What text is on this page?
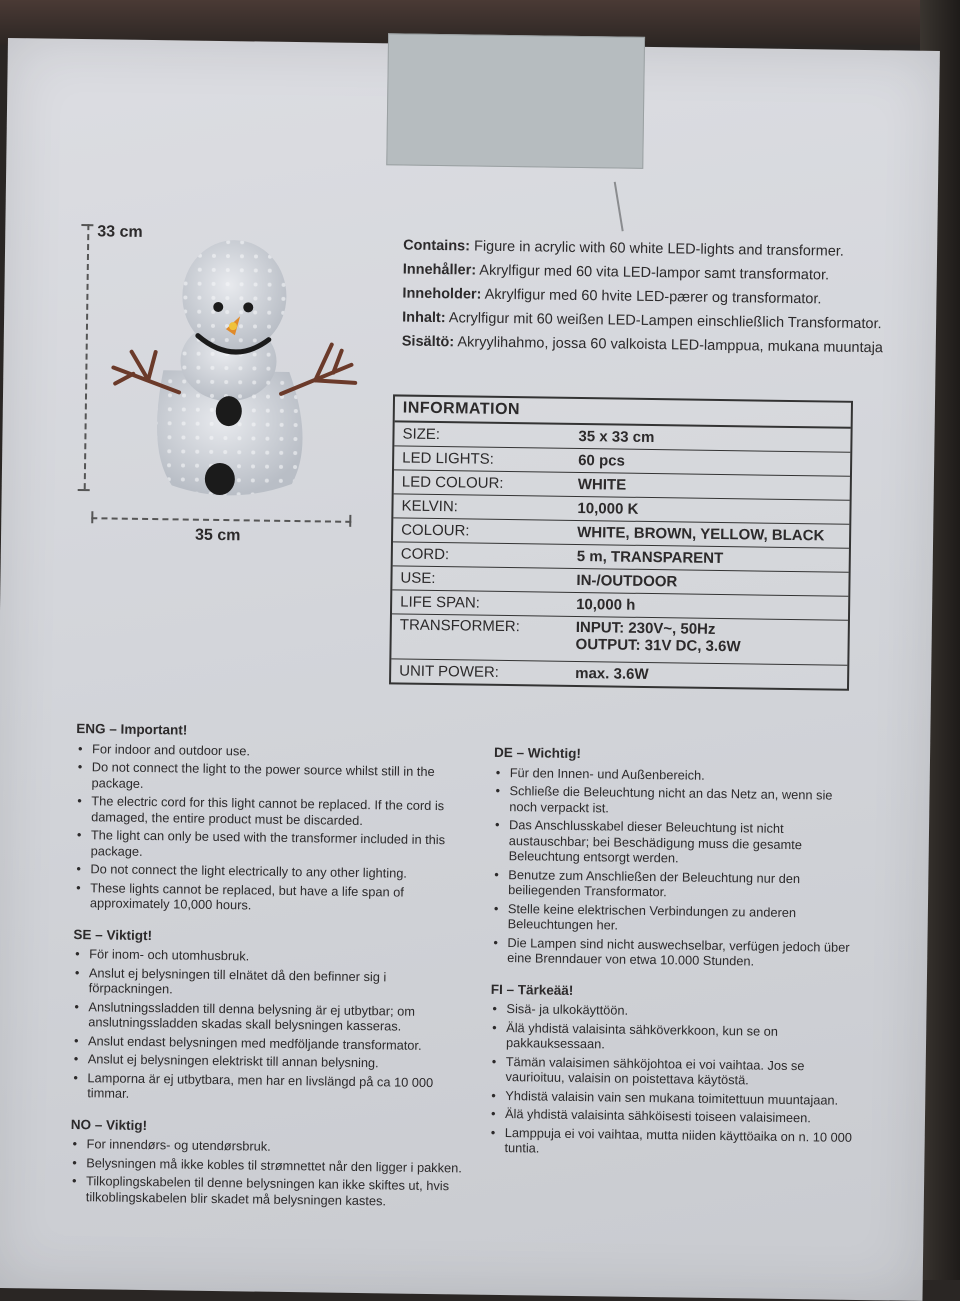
33 cm
35 cm
Contains: Figure in acrylic with 60 white LED-lights and transformer.
Innehåller: Akrylfigur med 60 vita LED-lampor samt transformator.
Inneholder: Akrylfigur med 60 hvite LED-pærer og transformator.
Inhalt: Acrylfigur mit 60 weißen LED-Lampen einschließlich Transformator.
Sisältö: Akryylihahmo, jossa 60 valkoista LED-lamppua, mukana muuntaja
INFORMATION
SIZE:	35 x 33 cm
LED LIGHTS:	60 pcs
LED COLOUR:	WHITE
KELVIN:	10,000 K
COLOUR:	WHITE, BROWN, YELLOW, BLACK
CORD:	5 m, TRANSPARENT
USE:	IN-/OUTDOOR
LIFE SPAN:	10,000 h
TRANSFORMER:	INPUT: 230V~, 50Hz
OUTPUT: 31V DC, 3.6W
UNIT POWER:	max. 3.6W
ENG – Important!
• For indoor and outdoor use.
• Do not connect the light to the power source whilst still in the package.
• The electric cord for this light cannot be replaced. If the cord is damaged, the entire product must be discarded.
• The light can only be used with the transformer included in this package.
• Do not connect the light electrically to any other lighting.
• These lights cannot be replaced, but have a life span of approximately 10,000 hours.
SE – Viktigt!
• För inom- och utomhusbruk.
• Anslut ej belysningen till elnätet då den befinner sig i förpackningen.
• Anslutningssladden till denna belysning är ej utbytbar; om anslutningssladden skadas skall belysningen kasseras.
• Anslut endast belysningen med medföljande transformator.
• Anslut ej belysningen elektriskt till annan belysning.
• Lamporna är ej utbytbara, men har en livslängd på ca 10 000 timmar.
NO – Viktig!
• For innendørs- og utendørsbruk.
• Belysningen må ikke kobles til strømnettet når den ligger i pakken.
• Tilkoplingskabelen til denne belysningen kan ikke skiftes ut, hvis tilkoblingskabelen blir skadet må belysningen kastes.
DE – Wichtig!
• Für den Innen- und Außenbereich.
• Schließe die Beleuchtung nicht an das Netz an, wenn sie noch verpackt ist.
• Das Anschlusskabel dieser Beleuchtung ist nicht austauschbar; bei Beschädigung muss die gesamte Beleuchtung entsorgt werden.
• Benutze zum Anschließen der Beleuchtung nur den beiliegenden Transformator.
• Stelle keine elektrischen Verbindungen zu anderen Beleuchtungen her.
• Die Lampen sind nicht auswechselbar, verfügen jedoch über eine Brenndauer von etwa 10.000 Stunden.
FI – Tärkeää!
• Sisä- ja ulkokäyttöön.
• Älä yhdistä valaisinta sähköverkkoon, kun se on pakkauksessaan.
• Tämän valaisimen sähköjohtoa ei voi vaihtaa. Jos se vaurioituu, valaisin on poistettava käytöstä.
• Yhdistä valaisin vain sen mukana toimitettuun muuntajaan.
• Älä yhdistä valaisinta sähköisesti toiseen valaisimeen.
• Lamppuja ei voi vaihtaa, mutta niiden käyttöaika on n. 10 000 tuntia.
